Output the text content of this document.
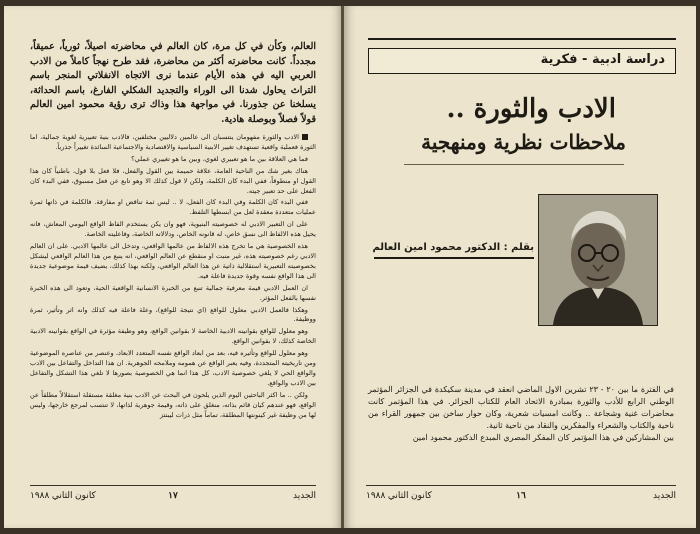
العالم، وكأن في كل مرة، كان العالم في محاضرته اصيلاً، ثورياً، عميقاً، مجدداً. كانت محاضرته أكثر من محاضرة، فقد طرح نهجاً كاملاً من الادب العربي اليه في هذه الأيام عندما نرى الاتجاه الانفلاتي المنجر باسم التراث يحاول شدنا الى الوراء والتجديد الشكلي الفارغ، باسم الحداثة، يسلخنا عن جذورنا. في مواجهة هذا وذاك ترى رؤية محمود امين العالم قولاً فصلاً وبوصلة هادية.

الادب والثورة مفهومان ينتسبان الى عالمين دلاليين مختلفين، فالادب بنية تعبيرية لغوية جمالية، اما الثورة فعملية واقعية تستهدف تغيير الابنية السياسية والاقتصادية والاجتماعية السائدة تغييراً جذرياً.

فما هي العلاقة بين ما هو تعبيري لغوي، وبين ما هو تغييري عملي؟

هناك بغير شك من الناحية العامة، علاقة حميمة بين القول والفعل، فلا فعل بلا قول، باطنياً كان هذا القول او منطوقاً، ففي البدء كان الكلمة، ولكن لا قول كذلك الا وهو تابع عن فعل مسبوق، ففي البدء كان الفعل على حد تعبير جيته.

ففي البدء كان الكلمة وفي البدء كان الفعل، لا .. ليس ثمة تناقض او مفارقة. فالكلمة في ذاتها ثمرة عمليات متعددة معقدة لعل من ابسطها التلفظ.

على ان التعبير الادبي له خصوصيته البنيوية، فهو وان يكن يستخدم الفاظ الواقع اليومي المعاش، فانه يحيل هذه الالفاظ الى نسق خاص، له قانونه الخاص، ودلالاته الخاصة، وفاعليته الخاصة.

هذه الخصوصية هي ما تخرج هذه الالفاظ من عالمها الواقعي، وتدخل الى عالمها الادبي. على ان العالم الادبي رغم خصوصيته هذه، غير منبت او منقطع عن العالم الواقعي، انه ينبع من هذا العالم الواقعي ليشكل بخصوصيته التعبيرية استقلالية ذاتية عن هذا العالم الواقعي، ولكنه بهذا كذلك، يضيف قيمة موضوعية جديدة الى هذا الواقع نفسه وقوة جديدة فاعلة فيه.

ان العمل الادبي قيمة معرفية جمالية تنبع من الخبرة الانسانية الواقعية الحية، وتعود الى هذه الخبرة نفسها بالفعل المؤثر.

وهكذا فالعمل الادبي معلول للواقع (اي نتيجة للواقع)، وعلة فاعلة فيه كذلك وانه اثر وتأثير، ثمرة ووظيفة.

وهو معلول للواقع بقوانينه الادبية الخاصة لا بقوانين الواقع، وهو وظيفة مؤثرة في الواقع بقوانينه الادبية الخاصة كذلك، لا بقوانين الواقع.

وهو معلول للواقع وتأثيره فيه، بعد من ابعاد الواقع نفسه المتعدد الابعاد، وعنصر من عناصره الموضوعية ومن تاريخيته المتجددة، وفيه يعبر الواقع عن همومه وملامحه الجوهرية. ان هذا التداخل والتفاعل بين الادب والواقع الحي لا يلغي خصوصية الادب، كل هذا انما هي الخصوصية بصورها لا تلغي هذا التشكل والتفاعل بين الادب والواقع.

ولكن .. ما اكثر الباحثين اليوم الذين يلحون في البحث عن الادب بنية مغلقة مستقلة استقلالاً مطلقاً عن الواقع، فهو عندهم كيان قائم بذاته، منغلق على ذاته، وقيمة جوهرية لذاتها، لا تنتسب لمرجع خارجها، وليس لها من وظيفة غير كينونتها المطلقة، تماماً مثل ذرات ليبنتز

الجديد
١٧
كانون الثاني ١٩٨٨
دراسة ادبية - فكرية
الادب والثورة ..
ملاحظات نظرية ومنهجية
بقلم : الدكتور محمود امين العالم

في الفترة ما بين ٢٠ - ٢٣ تشرين الاول الماضي انعقد في مدينة سكيكدة في الجزائر المؤتمر الوطني الرابع للأدب والثورة بمبادرة الاتحاد العام للكتاب الجزائر. في هذا المؤتمر كانت محاضرات غنية وشجاعة .. وكانت امسيات شعرية، وكان حوار ساخن بين جمهور القراء من ناحية والكتاب والشعراء والمفكرين والنقاد من ناحية ثانية.

بين المشاركين في هذا المؤتمر كان المفكر المصري المبدع الدكتور محمود امين

الجديد
١٦
كانون الثاني ١٩٨٨
